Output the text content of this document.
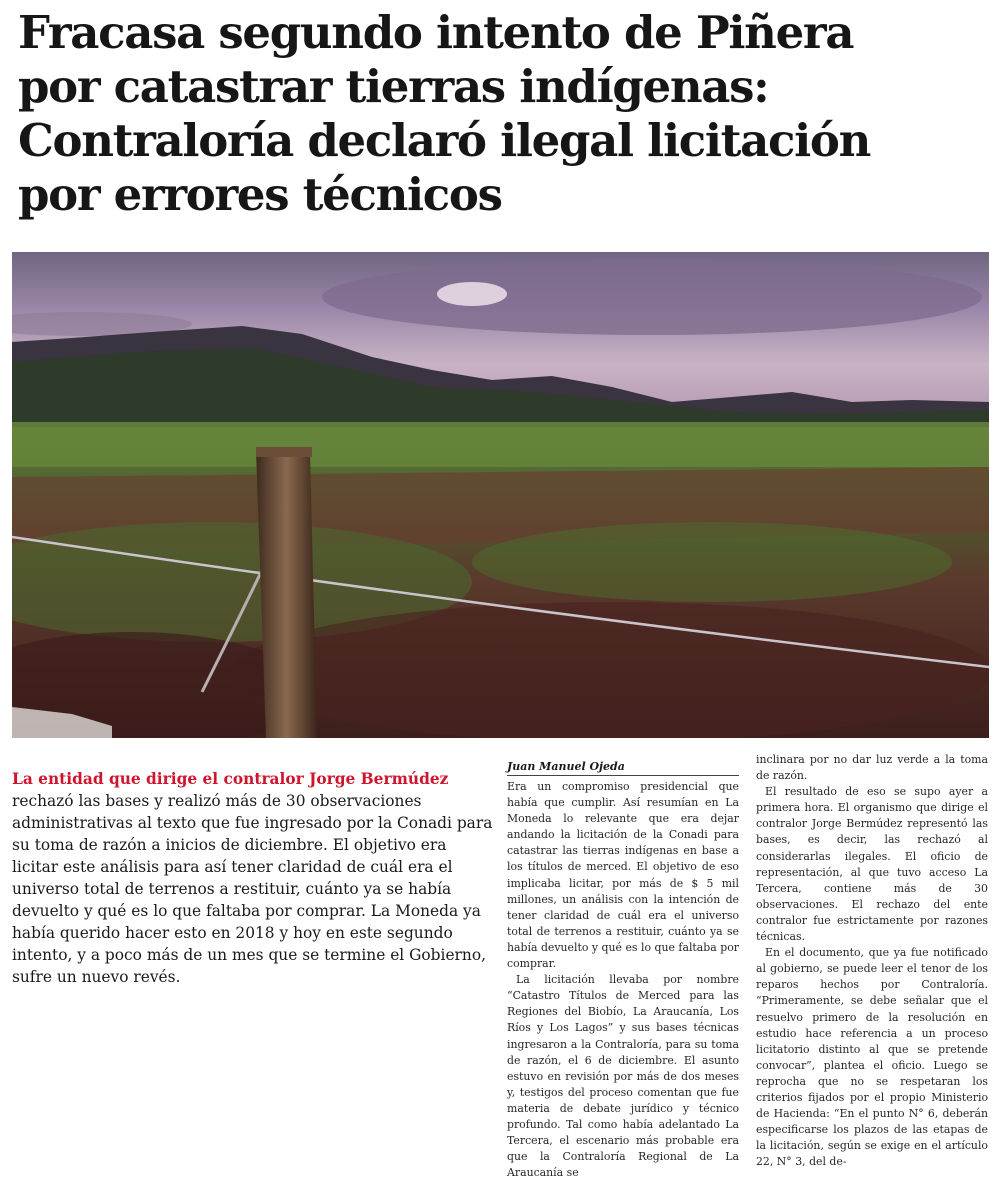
Fracasa segundo intento de Piñera por catastrar tierras indígenas: Contraloría declaró ilegal licitación por errores técnicos

La entidad que dirige el contralor Jorge Bermúdez rechazó las bases y realizó más de 30 observaciones administrativas al texto que fue ingresado por la Conadi para su toma de razón a inicios de diciembre. El objetivo era licitar este análisis para así tener claridad de cuál era el universo total de terrenos a restituir, cuánto ya se había devuelto y qué es lo que faltaba por comprar. La Moneda ya había querido hacer esto en 2018 y hoy en este segundo intento, y a poco más de un mes que se termine el Gobierno, sufre un nuevo revés.

Juan Manuel Ojeda

Era un compromiso presidencial que había que cumplir. Así resumían en La Moneda lo relevante que era dejar andando la licitación de la Conadi para catastrar las tierras indígenas en base a los títulos de merced. El objetivo de eso implicaba licitar, por más de $ 5 mil millones, un análisis con la intención de tener claridad de cuál era el universo total de terrenos a restituir, cuánto ya se había devuelto y qué es lo que faltaba por comprar.

La licitación llevaba por nombre “Catastro Títulos de Merced para las Regiones del Biobío, La Araucanía, Los Ríos y Los Lagos” y sus bases técnicas ingresaron a la Contraloría, para su toma de razón, el 6 de diciembre. El asunto estuvo en revisión por más de dos meses y, testigos del proceso comentan que fue materia de debate jurídico y técnico profundo. Tal como había adelantado La Tercera, el escenario más probable era que la Contraloría Regional de La Araucanía se

inclinara por no dar luz verde a la toma de razón.

El resultado de eso se supo ayer a primera hora. El organismo que dirige el contralor Jorge Bermúdez representó las bases, es decir, las rechazó al considerarlas ilegales. El oficio de representación, al que tuvo acceso La Tercera, contiene más de 30 observaciones. El rechazo del ente contralor fue estrictamente por razones técnicas.

En el documento, que ya fue notificado al gobierno, se puede leer el tenor de los reparos hechos por Contraloría. “Primeramente, se debe señalar que el resuelvo primero de la resolución en estudio hace referencia a un proceso licitatorio distinto al que se pretende convocar”, plantea el oficio. Luego se reprocha que no se respetaran los criterios fijados por el propio Ministerio de Hacienda: “En el punto N° 6, deberán especificarse los plazos de las etapas de la licitación, según se exige en el artículo 22, N° 3, del de-
